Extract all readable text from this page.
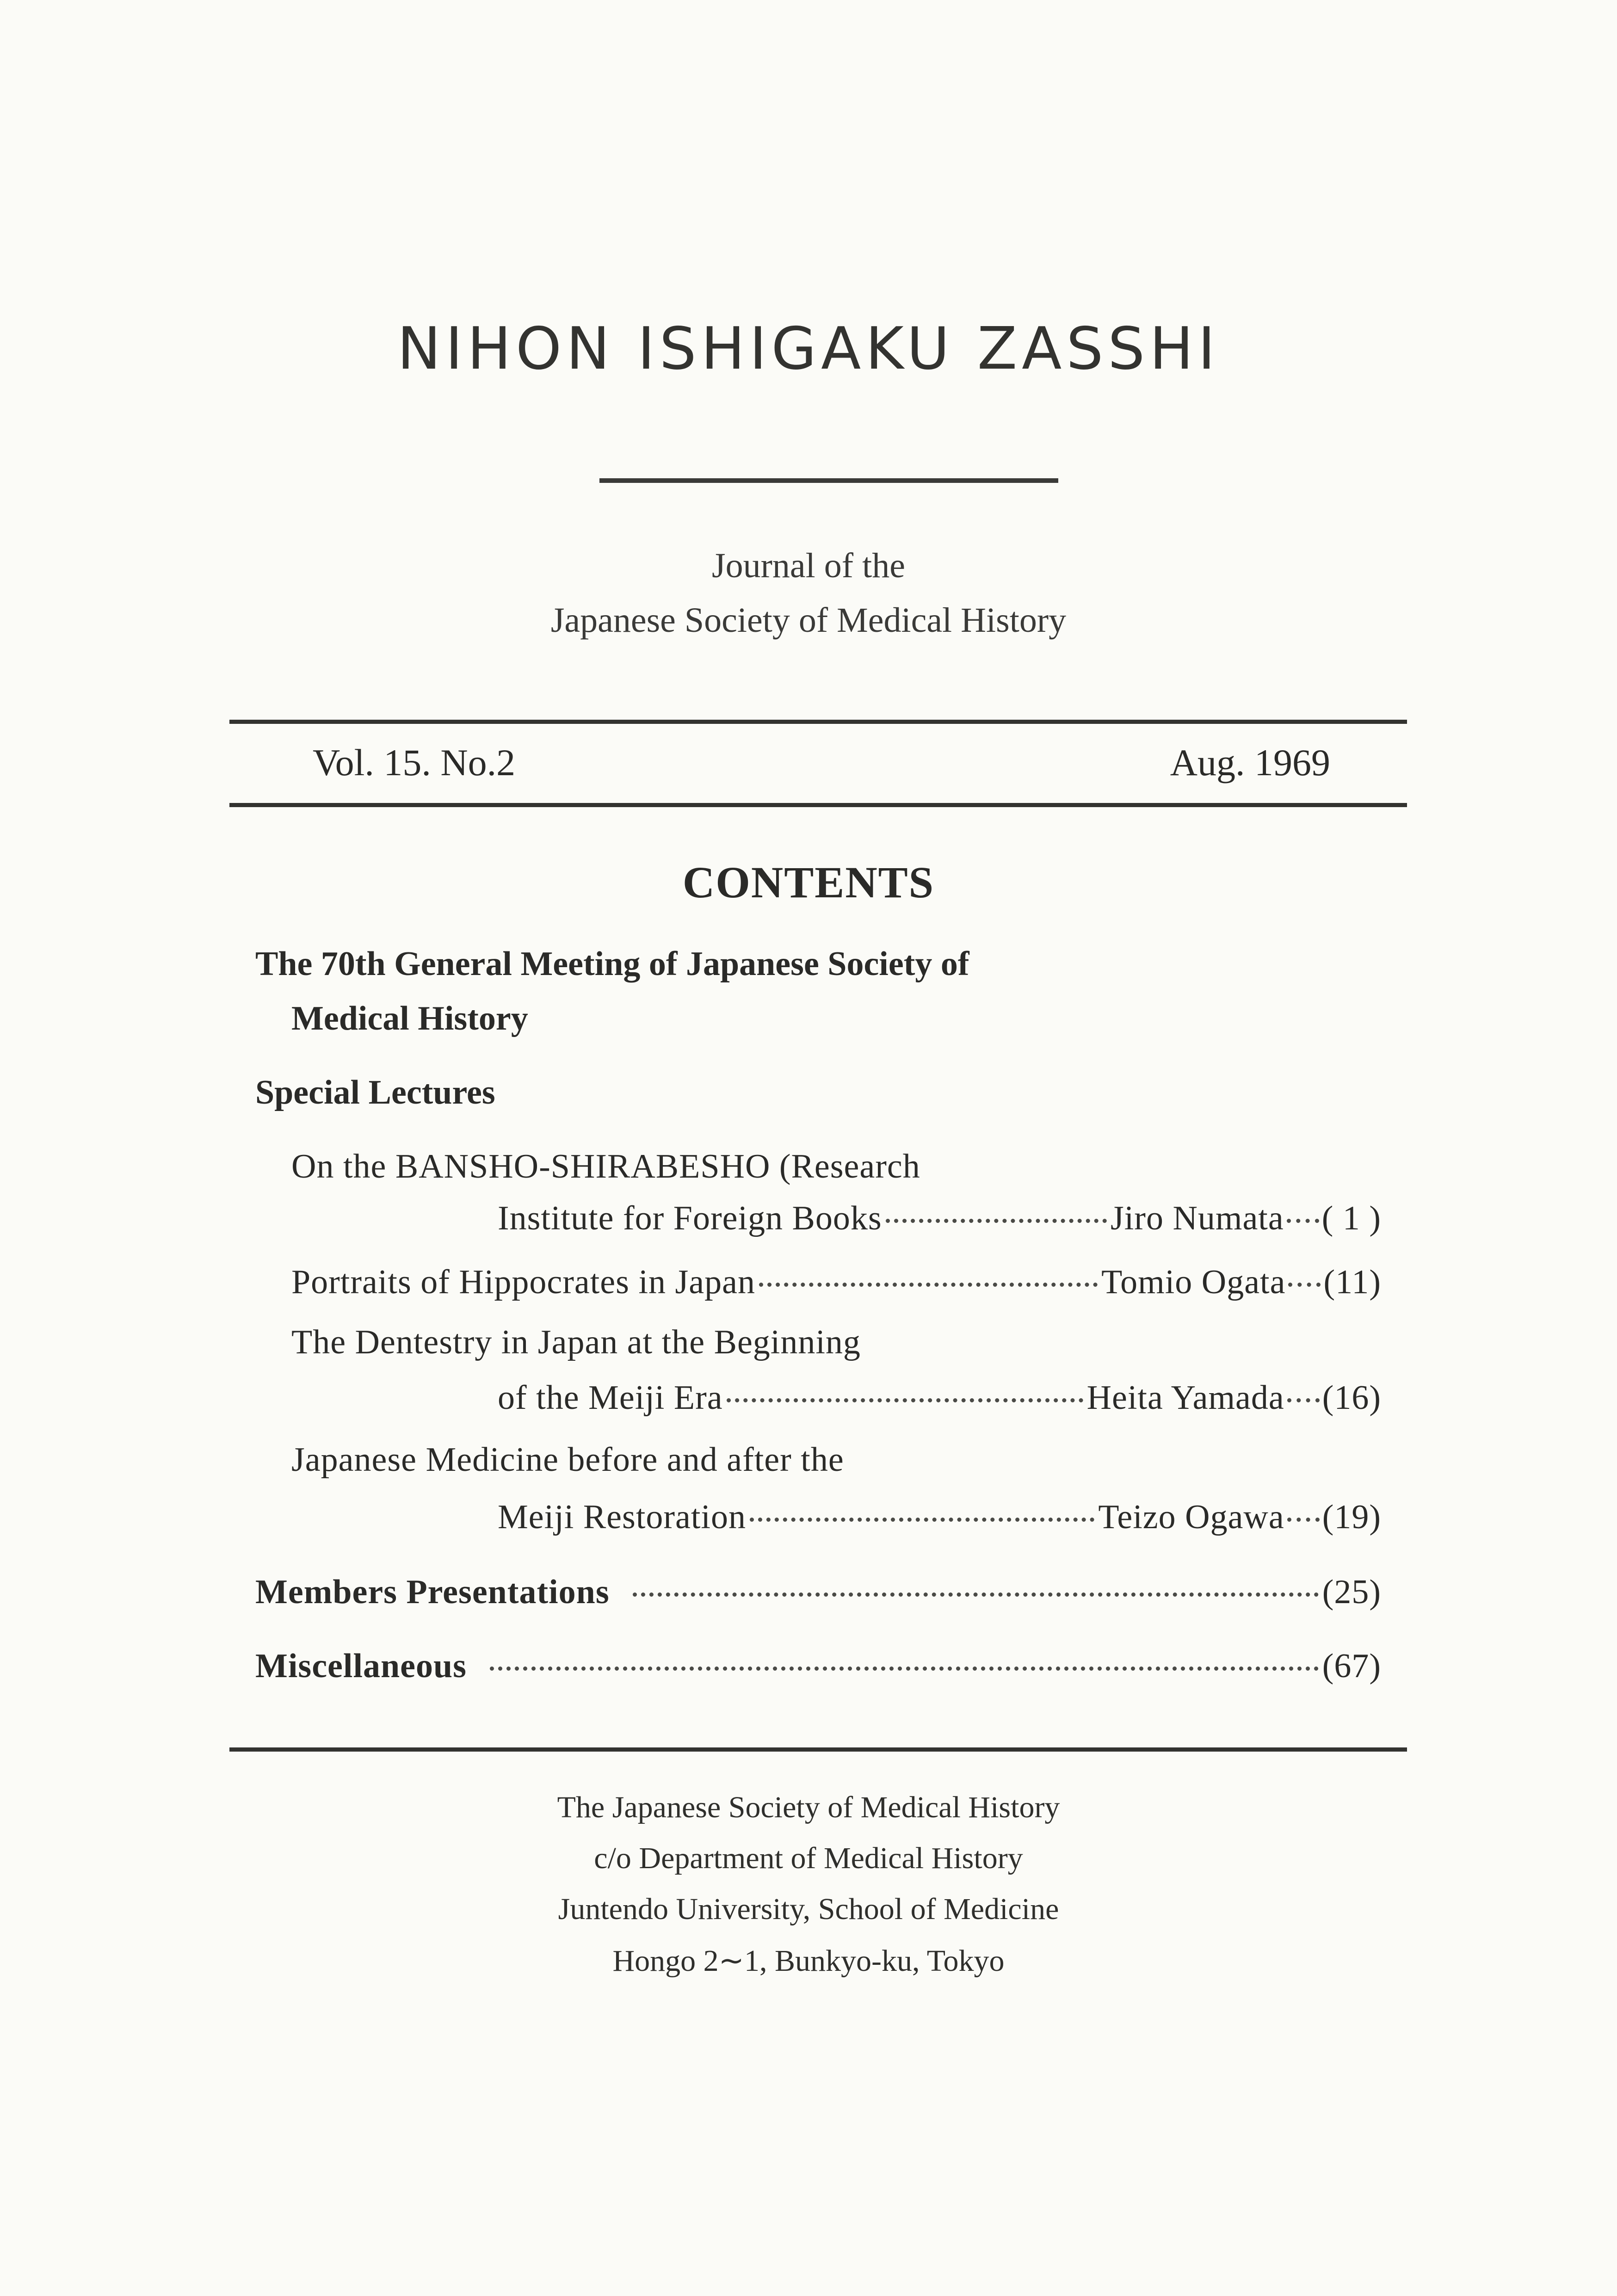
NIHON ISHIGAKU ZASSHI
Journal of the
Japanese Society of Medical History
Vol. 15. No.2	Aug. 1969
CONTENTS
The 70th General Meeting of Japanese Society of
Medical History
Special Lectures
On the BANSHO-SHIRABESHO (Research
Institute for Foreign Books	Jiro Numata ( 1 )
Portraits of Hippocrates in Japan	Tomio Ogata (11)
The Dentestry in Japan at the Beginning
of the Meiji Era	Heita Yamada (16)
Japanese Medicine before and after the
Meiji Restoration	Teizo Ogawa (19)
Members Presentations	(25)
Miscellaneous	(67)
The Japanese Society of Medical History
c/o Department of Medical History
Juntendo University, School of Medicine
Hongo 2∼1, Bunkyo-ku, Tokyo
